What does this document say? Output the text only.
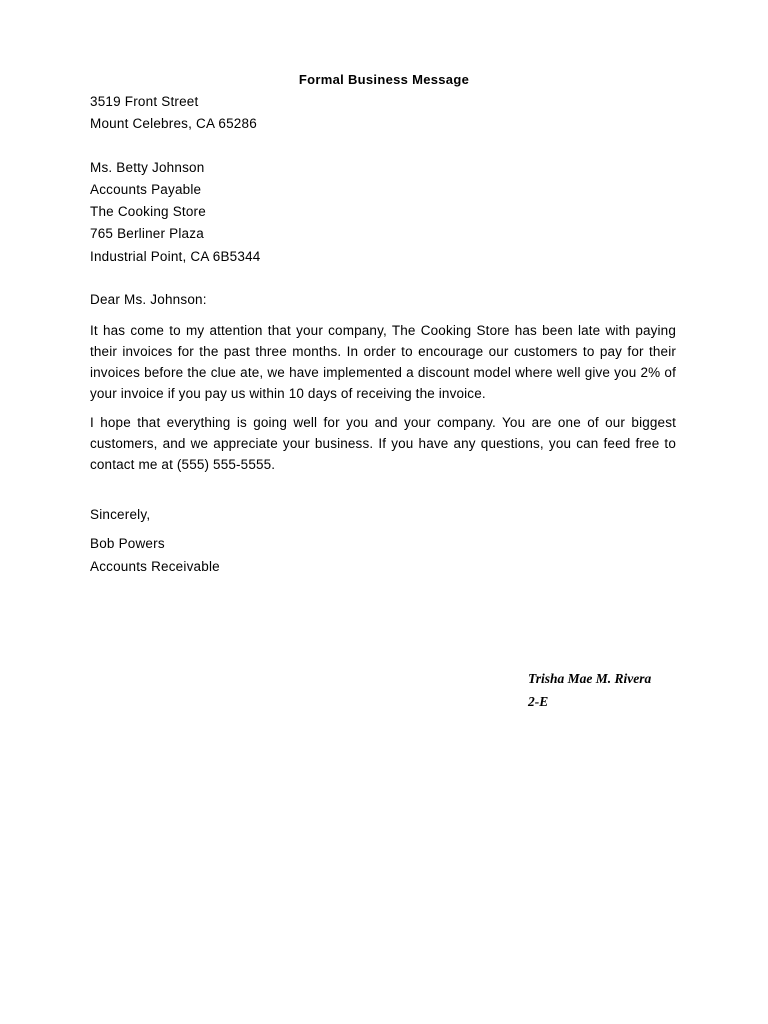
Formal Business Message
3519 Front Street
Mount Celebres, CA 65286
Ms. Betty Johnson
Accounts Payable
The Cooking Store
765 Berliner Plaza
Industrial Point, CA 6B5344
Dear Ms. Johnson:
It has come to my attention that your company, The Cooking Store has been late with paying their invoices for the past three months. In order to encourage our customers to pay for their invoices before the clue ate, we have implemented a discount model where well give you 2% of your invoice if you pay us within 10 days of receiving the invoice.
I hope that everything is going well for you and your company. You are one of our biggest customers, and we appreciate your business. If you have any questions, you can feed free to contact me at (555) 555-5555.
Sincerely,
Bob Powers
Accounts Receivable
Trisha Mae M. Rivera
2-E
